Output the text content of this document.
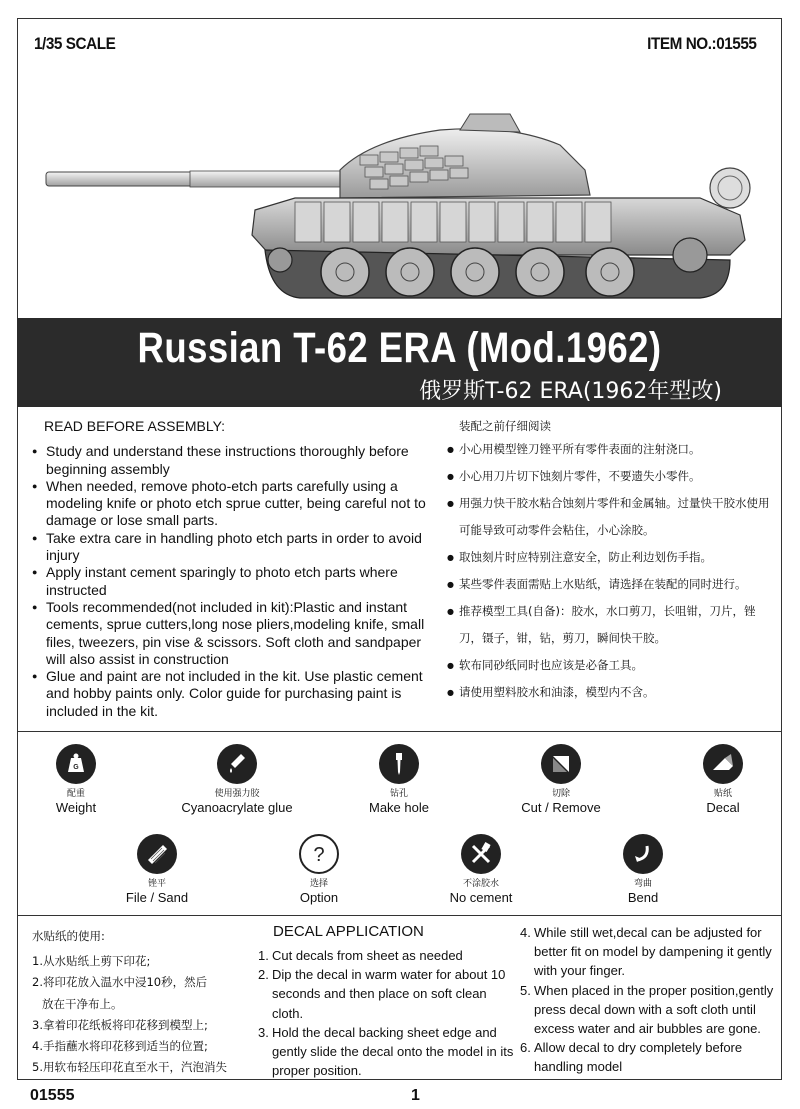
1/35 SCALE	ITEM NO.:01555
Russian T-62 ERA (Mod.1962)
俄罗斯T-62 ERA(1962年型改)
READ BEFORE ASSEMBLY:
● Study and understand these instructions thoroughly before beginning assembly
● When needed, remove photo-etch parts carefully using a modeling knife or photo etch sprue cutter, being careful not to damage or lose small parts.
● Take extra care in handling photo etch parts in order to avoid injury
● Apply instant cement sparingly to photo etch parts where instructed
● Tools recommended(not included in kit):Plastic and instant cements, sprue cutters,long nose pliers,modeling knife, small files, tweezers, pin vise & scissors. Soft cloth and sandpaper will also assist in construction
● Glue and paint are not included in the kit. Use plastic cement and hobby paints only. Color guide for purchasing paint is included in the kit.
装配之前仔细阅读
● 小心用模型锉刀锉平所有零件表面的注射浇口。
● 小心用刀片切下蚀刻片零件，不要遗失小零件。
● 用强力快干胶水粘合蚀刻片零件和金属轴。过量快干胶水使用可能导致可动零件会粘住，小心涂胶。
● 取蚀刻片时应特别注意安全，防止利边划伤手指。
● 某些零件表面需贴上水贴纸，请选择在装配的同时进行。
● 推荐模型工具(自备)：胶水，水口剪刀，长咀钳，刀片，锉刀，镊子，钳，钻，剪刀，瞬间快干胶。
● 软布同砂纸同时也应该是必备工具。
● 请使用塑料胶水和油漆，模型内不含。
G
配重
Weight
使用强力胶
Cyanoacrylate glue
钻孔
Make hole
切除
Cut / Remove
贴纸
Decal
锉平
File / Sand
?
选择
Option
不涂胶水
No cement
弯曲
Bend
水贴纸的使用:
1.从水贴纸上剪下印花;
2.将印花放入温水中浸10秒，然后
放在干净布上。
3.拿着印花纸板将印花移到模型上;
4.手指蘸水将印花移到适当的位置;
5.用软布轻压印花直至水干，汽泡消失
DECAL APPLICATION
1. Cut decals from sheet as needed
2. Dip the decal in warm water for about 10 seconds and then place on soft clean cloth.
3. Hold the decal backing sheet edge and gently slide the decal onto the model in its proper position.
4. While still wet,decal can be adjusted for better fit on model by dampening it gently with your finger.
5. When placed in the proper position,gently press decal down with a soft cloth until excess water and air bubbles are gone.
6. Allow decal to dry completely before handling model
01555	1
